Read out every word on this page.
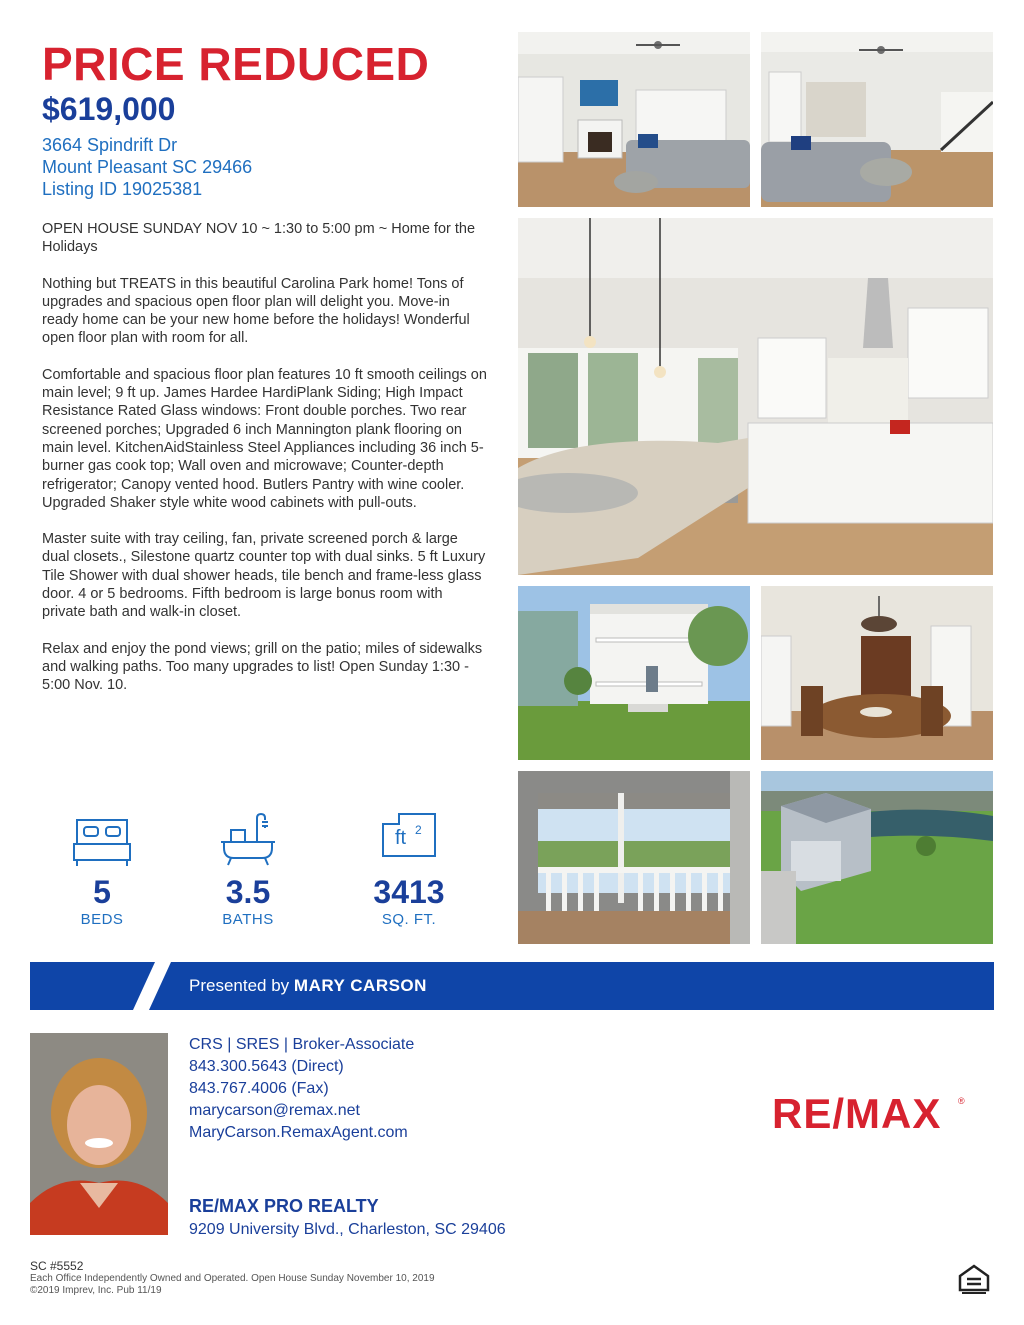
PRICE REDUCED
$619,000
3664 Spindrift Dr
Mount Pleasant SC 29466
Listing ID 19025381

OPEN HOUSE SUNDAY NOV 10 ~ 1:30 to 5:00 pm ~ Home for the Holidays

Nothing but TREATS in this beautiful Carolina Park home! Tons of upgrades and spacious open floor plan will delight you. Move-in ready home can be your new home before the holidays! Wonderful open floor plan with room for all.

Comfortable and spacious floor plan features 10 ft smooth ceilings on main level; 9 ft up. James Hardee HardiPlank Siding; High Impact Resistance Rated Glass windows: Front double porches. Two rear screened porches; Upgraded 6 inch Mannington plank flooring on main level. KitchenAidStainless Steel Appliances including 36 inch 5-burner gas cook top; Wall oven and microwave; Counter-depth refrigerator; Canopy vented hood. Butlers Pantry with wine cooler. Upgraded Shaker style white wood cabinets with pull-outs.

Master suite with tray ceiling, fan, private screened porch & large dual closets., Silestone quartz counter top with dual sinks. 5 ft Luxury Tile Shower with dual shower heads, tile bench and frame-less glass door. 4 or 5 bedrooms. Fifth bedroom is large bonus room with private bath and walk-in closet.

Relax and enjoy the pond views; grill on the patio; miles of sidewalks and walking paths. Too many upgrades to list! Open Sunday 1:30 - 5:00 Nov. 10.

5
BEDS
3.5
BATHS
ft 2
3413
SQ. FT.
Presented by MARY CARSON
CRS | SRES | Broker-Associate
843.300.5643 (Direct)
843.767.4006 (Fax)
marycarson@remax.net
MaryCarson.RemaxAgent.com
RE/MAX PRO REALTY
9209 University Blvd., Charleston, SC 29406
RE/MAX ®
SC #5552
Each Office Independently Owned and Operated. Open House Sunday November 10, 2019
©2019 Imprev, Inc. Pub 11/19
